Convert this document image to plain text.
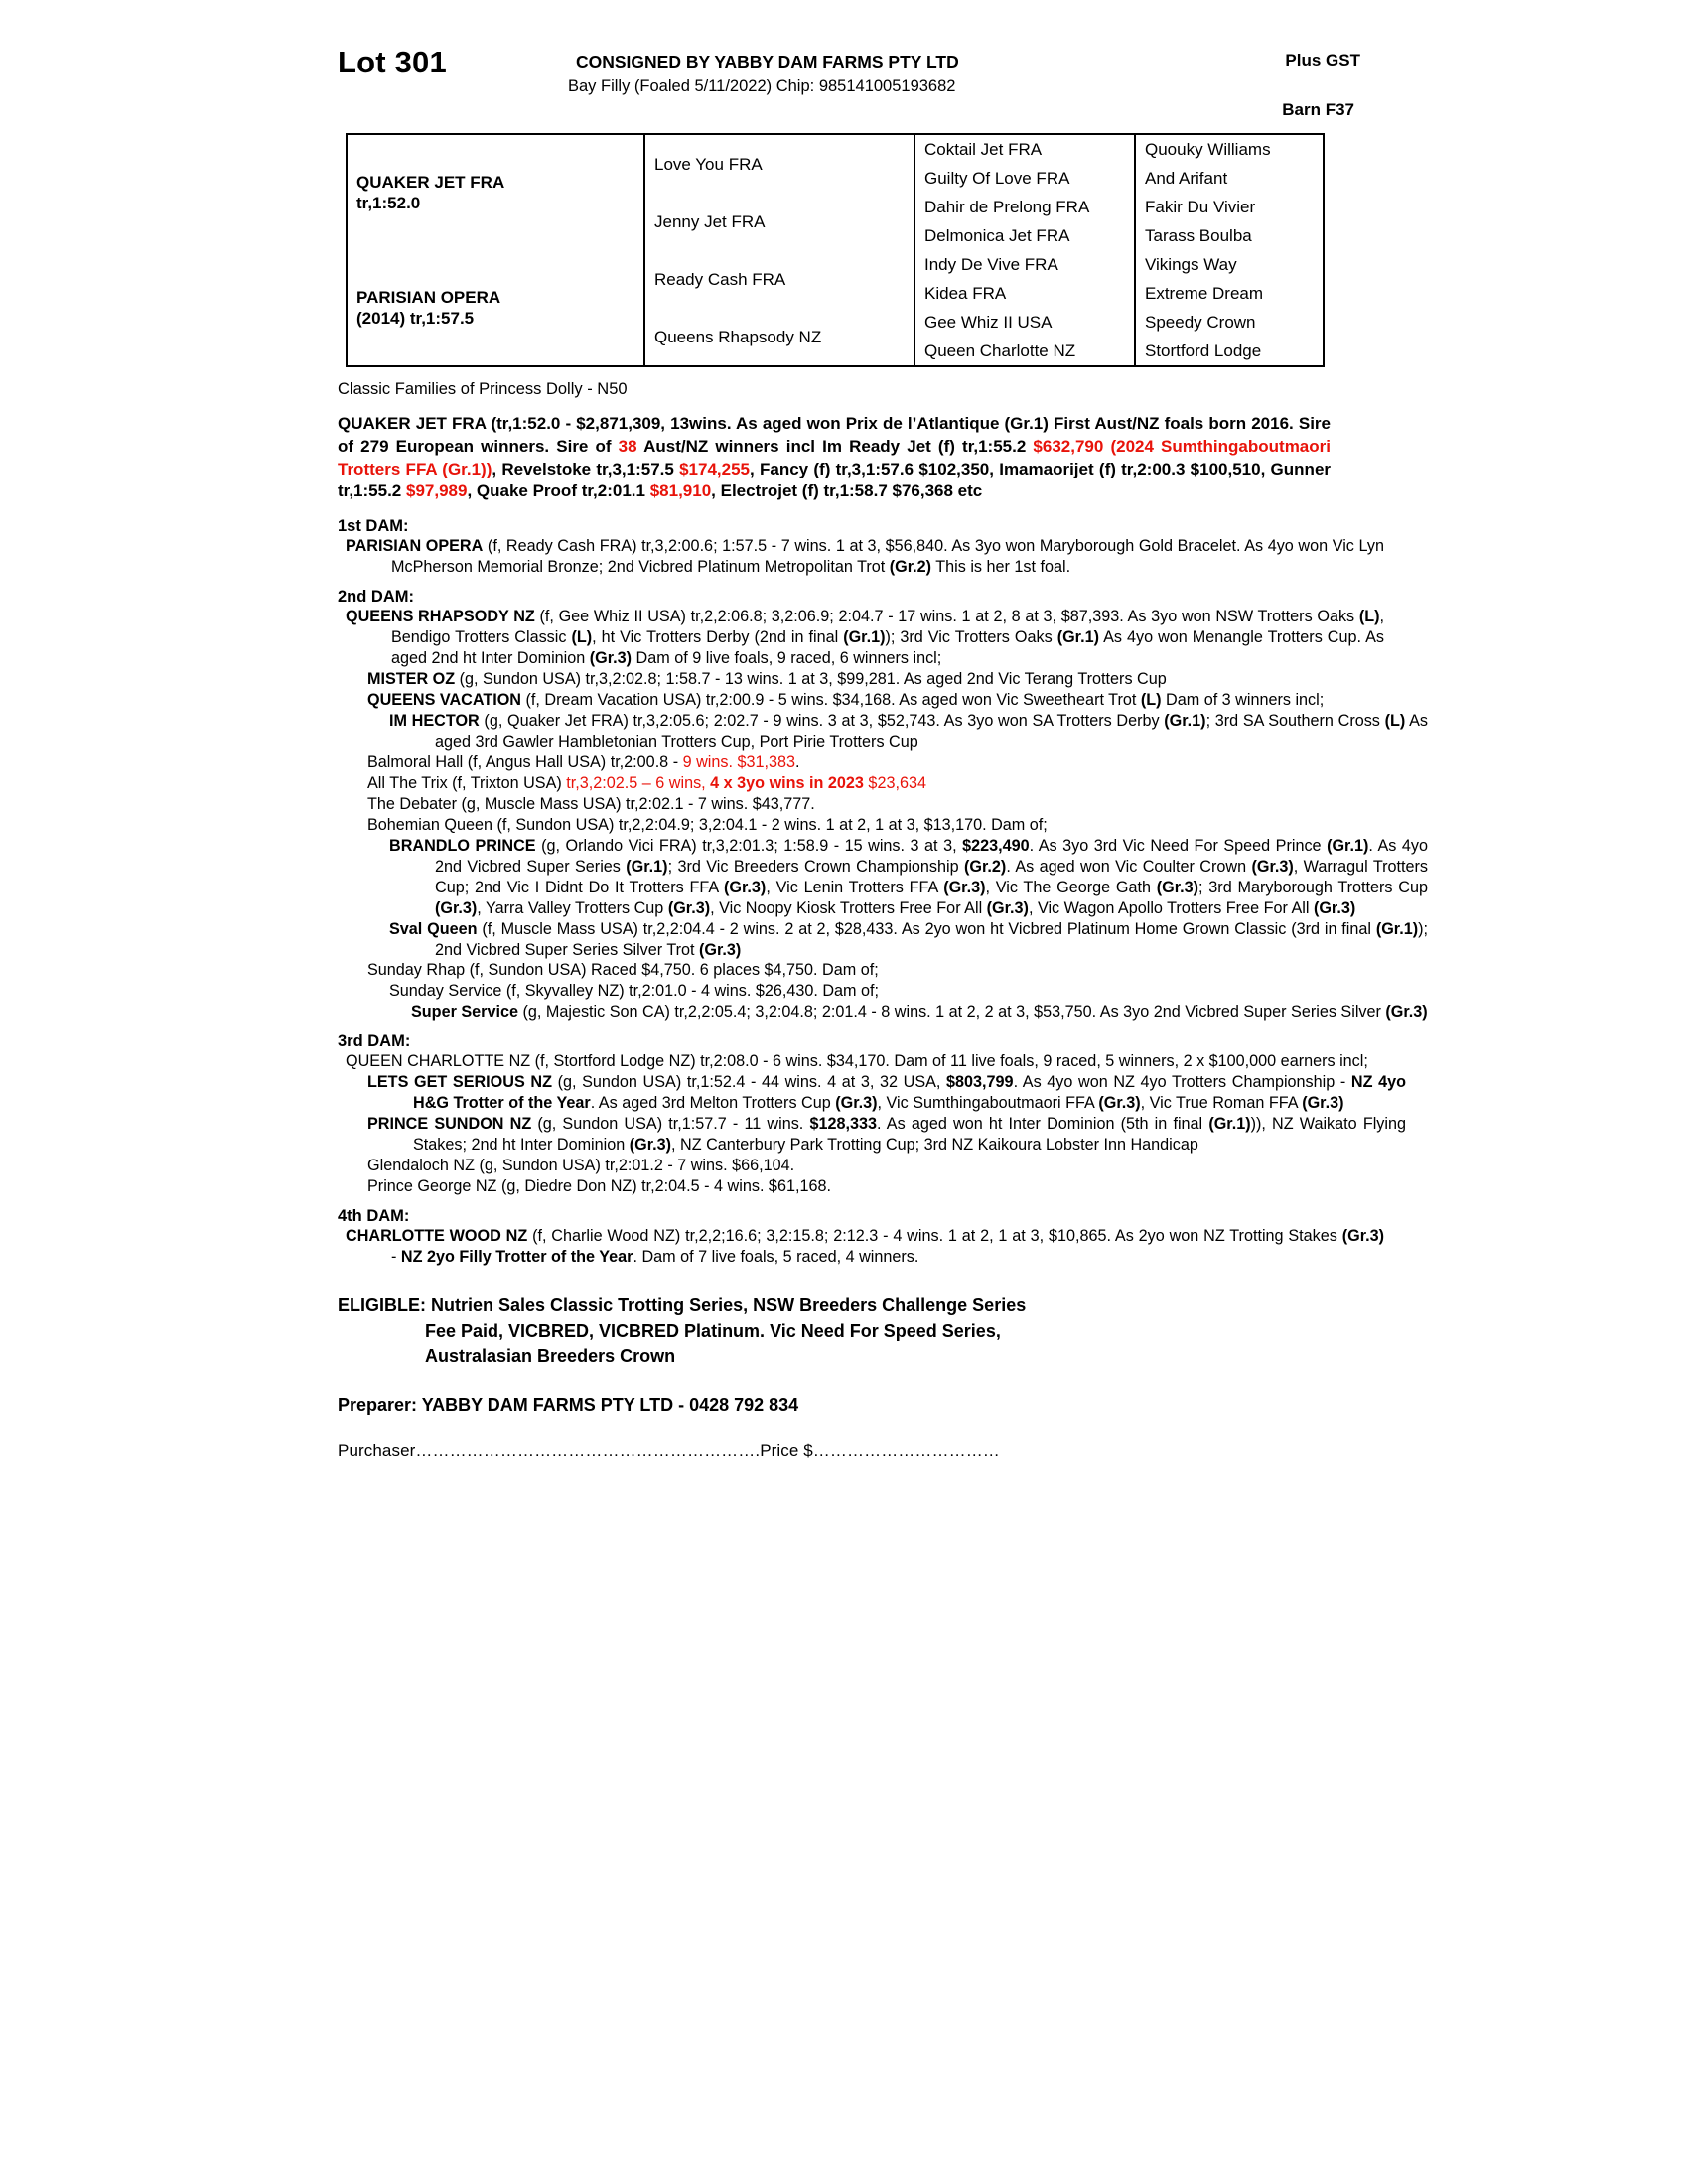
Lot 301	CONSIGNED BY YABBY DAM FARMS PTY LTD
Bay Filly (Foaled 5/11/2022) Chip: 985141005193682
Plus GST
Barn F37
QUAKER JET FRA
tr,1:52.0
PARISIAN OPERA
(2014) tr,1:57.5
Love You FRA
Jenny Jet FRA
Ready Cash FRA
Queens Rhapsody NZ
Coktail Jet FRA
Guilty Of Love FRA
Dahir de Prelong FRA
Delmonica Jet FRA
Indy De Vive FRA
Kidea FRA
Gee Whiz II USA
Queen Charlotte NZ
Quouky Williams
And Arifant
Fakir Du Vivier
Tarass Boulba
Vikings Way
Extreme Dream
Speedy Crown
Stortford Lodge
Classic Families of Princess Dolly - N50
QUAKER JET FRA (tr,1:52.0 - $2,871,309, 13wins. As aged won Prix de l’Atlantique (Gr.1) First Aust/NZ foals born 2016. Sire of 279 European winners. Sire of 38 Aust/NZ winners incl Im Ready Jet (f) tr,1:55.2 $632,790 (2024 Sumthingaboutmaori Trotters FFA (Gr.1)), Revelstoke tr,3,1:57.5 $174,255, Fancy (f) tr,3,1:57.6 $102,350, Imamaorijet (f) tr,2:00.3 $100,510, Gunner tr,1:55.2 $97,989, Quake Proof tr,2:01.1 $81,910, Electrojet (f) tr,1:58.7 $76,368 etc
1st DAM:

PARISIAN OPERA (f, Ready Cash FRA) tr,3,2:00.6; 1:57.5 - 7 wins. 1 at 3, $56,840. As 3yo won Maryborough Gold Bracelet. As 4yo won Vic Lyn McPherson Memorial Bronze; 2nd Vicbred Platinum Metropolitan Trot (Gr.2) This is her 1st foal.

2nd DAM:

QUEENS RHAPSODY NZ (f, Gee Whiz II USA) tr,2,2:06.8; 3,2:06.9; 2:04.7 - 17 wins. 1 at 2, 8 at 3, $87,393. As 3yo won NSW Trotters Oaks (L), Bendigo Trotters Classic (L), ht Vic Trotters Derby (2nd in final (Gr.1)); 3rd Vic Trotters Oaks (Gr.1) As 4yo won Menangle Trotters Cup. As aged 2nd ht Inter Dominion (Gr.3) Dam of 9 live foals, 9 raced, 6 winners incl;

MISTER OZ (g, Sundon USA) tr,3,2:02.8; 1:58.7 - 13 wins. 1 at 3, $99,281. As aged 2nd Vic Terang Trotters Cup

QUEENS VACATION (f, Dream Vacation USA) tr,2:00.9 - 5 wins. $34,168. As aged won Vic Sweetheart Trot (L) Dam of 3 winners incl;

IM HECTOR (g, Quaker Jet FRA) tr,3,2:05.6; 2:02.7 - 9 wins. 3 at 3, $52,743. As 3yo won SA Trotters Derby (Gr.1); 3rd SA Southern Cross (L) As aged 3rd Gawler Hambletonian Trotters Cup, Port Pirie Trotters Cup

Balmoral Hall (f, Angus Hall USA) tr,2:00.8 - 9 wins. $31,383.

All The Trix (f, Trixton USA) tr,3,2:02.5 – 6 wins, 4 x 3yo wins in 2023 $23,634

The Debater (g, Muscle Mass USA) tr,2:02.1 - 7 wins. $43,777.

Bohemian Queen (f, Sundon USA) tr,2,2:04.9; 3,2:04.1 - 2 wins. 1 at 2, 1 at 3, $13,170. Dam of;

BRANDLO PRINCE (g, Orlando Vici FRA) tr,3,2:01.3; 1:58.9 - 15 wins. 3 at 3, $223,490. As 3yo 3rd Vic Need For Speed Prince (Gr.1). As 4yo 2nd Vicbred Super Series (Gr.1); 3rd Vic Breeders Crown Championship (Gr.2). As aged won Vic Coulter Crown (Gr.3), Warragul Trotters Cup; 2nd Vic I Didnt Do It Trotters FFA (Gr.3), Vic Lenin Trotters FFA (Gr.3), Vic The George Gath (Gr.3); 3rd Maryborough Trotters Cup (Gr.3), Yarra Valley Trotters Cup (Gr.3), Vic Noopy Kiosk Trotters Free For All (Gr.3), Vic Wagon Apollo Trotters Free For All (Gr.3)

Sval Queen (f, Muscle Mass USA) tr,2,2:04.4 - 2 wins. 2 at 2, $28,433. As 2yo won ht Vicbred Platinum Home Grown Classic (3rd in final (Gr.1)); 2nd Vicbred Super Series Silver Trot (Gr.3)

Sunday Rhap (f, Sundon USA) Raced $4,750. 6 places $4,750. Dam of;

Sunday Service (f, Skyvalley NZ) tr,2:01.0 - 4 wins. $26,430. Dam of;

Super Service (g, Majestic Son CA) tr,2,2:05.4; 3,2:04.8; 2:01.4 - 8 wins. 1 at 2, 2 at 3, $53,750. As 3yo 2nd Vicbred Super Series Silver (Gr.3)

3rd DAM:

QUEEN CHARLOTTE NZ (f, Stortford Lodge NZ) tr,2:08.0 - 6 wins. $34,170. Dam of 11 live foals, 9 raced, 5 winners, 2 x $100,000 earners incl;

LETS GET SERIOUS NZ (g, Sundon USA) tr,1:52.4 - 44 wins. 4 at 3, 32 USA, $803,799. As 4yo won NZ 4yo Trotters Championship - NZ 4yo H&G Trotter of the Year. As aged 3rd Melton Trotters Cup (Gr.3), Vic Sumthingaboutmaori FFA (Gr.3), Vic True Roman FFA (Gr.3)

PRINCE SUNDON NZ (g, Sundon USA) tr,1:57.7 - 11 wins. $128,333. As aged won ht Inter Dominion (5th in final (Gr.1))), NZ Waikato Flying Stakes; 2nd ht Inter Dominion (Gr.3), NZ Canterbury Park Trotting Cup; 3rd NZ Kaikoura Lobster Inn Handicap

Glendaloch NZ (g, Sundon USA) tr,2:01.2 - 7 wins. $66,104.

Prince George NZ (g, Diedre Don NZ) tr,2:04.5 - 4 wins. $61,168.

4th DAM:

CHARLOTTE WOOD NZ (f, Charlie Wood NZ) tr,2,2;16.6; 3,2:15.8; 2:12.3 - 4 wins. 1 at 2, 1 at 3, $10,865. As 2yo won NZ Trotting Stakes (Gr.3) - NZ 2yo Filly Trotter of the Year. Dam of 7 live foals, 5 raced, 4 winners.

ELIGIBLE: Nutrien Sales Classic Trotting Series, NSW Breeders Challenge Series
Fee Paid, VICBRED, VICBRED Platinum. Vic Need For Speed Series,
Australasian Breeders Crown
Preparer: YABBY DAM FARMS PTY LTD - 0428 792 834
Purchaser…………………………………………………….Price $……………………………
